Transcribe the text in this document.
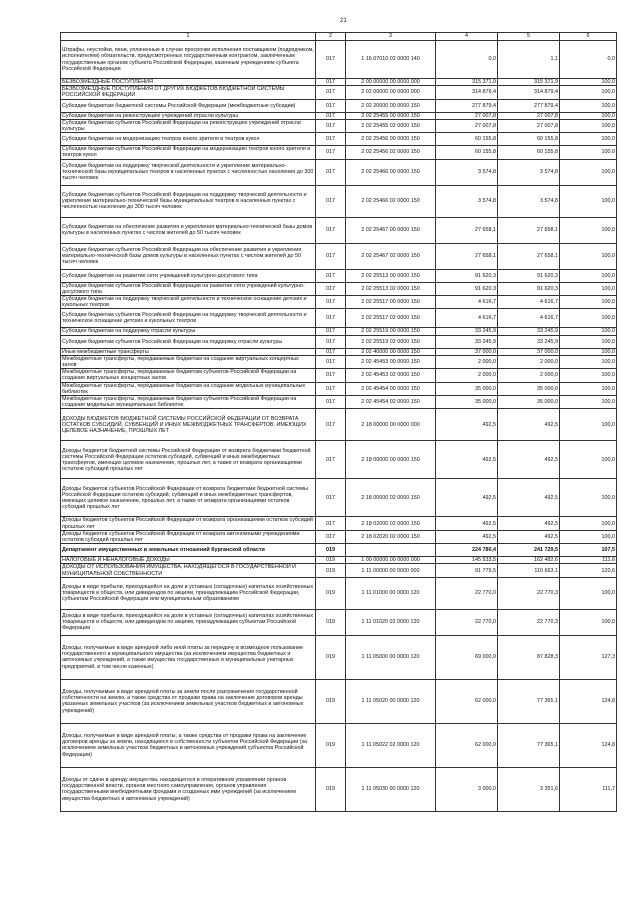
21
1	2	3	4	5	6
Штрафы, неустойки, пени, уплаченные в случае просрочки исполнения поставщиком (подрядчиком, исполнителем) обязательств, предусмотренных государственным контрактом, заключенным государственным органом субъекта Российской Федерации, казенным учреждением субъекта Российской Федерации	017	1 16 07010 02 0000 140	0,0	1,1	0,0
БЕЗВОЗМЕЗДНЫЕ ПОСТУПЛЕНИЯ	017	2 00 00000 00 0000 000	315 371,9	315 371,9	100,0
БЕЗВОЗМЕЗДНЫЕ ПОСТУПЛЕНИЯ ОТ ДРУГИХ БЮДЖЕТОВ БЮДЖЕТНОЙ СИСТЕМЫ РОССИЙСКОЙ ФЕДЕРАЦИИ	017	2 02 00000 00 0000 000	314 879,4	314 879,4	100,0
Субсидии бюджетам бюджетной системы Российской Федерации (межбюджетные субсидии)	017	2 02 20000 00 0000 150	277 879,4	277 879,4	100,0
Субсидии бюджетам на реконструкцию учреждений отрасли культуры	017	2 02 25455 00 0000 150	27 007,8	27 007,8	100,0
Субсидии бюджетам субъектов Российской Федерации на реконструкцию учреждений отрасли культуры	017	2 02 25455 02 0000 150	27 007,8	27 007,8	100,0
Субсидии бюджетам на модернизацию театров юного зрителя и театров кукол	017	2 02 25456 00 0000 150	60 155,8	60 155,8	100,0
Субсидии бюджетам субъектов Российской Федерации на модернизацию театров юного зрителя и театров кукол	017	2 02 25456 02 0000 150	60 155,8	60 155,8	100,0
Субсидии бюджетам на поддержку творческой деятельности и укрепление материально-технической базы муниципальных театров в населенных пунктах с численностью населения до 300 тысяч человек	017	2 02 25466 00 0000 150	3 574,8	3 574,8	100,0
Субсидии бюджетам субъектов Российской Федерации на поддержку творческой деятельности и укрепление материально-технической базы муниципальных театров в населенных пунктах с численностью населения до 300 тысяч человек	017	2 02 25466 02 0000 150	3 574,8	3 574,8	100,0
Субсидии бюджетам на обеспечение развития и укрепления материально-технической базы домов культуры в населенных пунктах с числом жителей до 50 тысяч человек	017	2 02 25467 00 0000 150	27 658,1	27 658,1	100,0
Субсидии бюджетам субъектов Российской Федерации на обеспечение развития и укрепления материально-технической базы домов культуры в населенных пунктах с числом жителей до 50 тысяч человек	017	2 02 25467 02 0000 150	27 658,1	27 658,1	100,0
Субсидии бюджетам на развитие сети учреждений культурно-досугового типа	017	2 02 25513 00 0000 150	91 620,3	91 620,3	100,0
Субсидии бюджетам субъектов Российской Федерации на развитие сети учреждений культурно-досугового типа	017	2 02 25513 02 0000 150	91 620,3	91 620,3	100,0
Субсидии бюджетам на поддержку творческой деятельности и техническое оснащение детских и кукольных театров	017	2 02 25517 00 0000 150	4 616,7	4 616,7	100,0
Субсидии бюджетам субъектов Российской Федерации на поддержку творческой деятельности и техническое оснащение детских и кукольных театров	017	2 02 25517 02 0000 150	4 616,7	4 616,7	100,0
Субсидии бюджетам на поддержку отрасли культуры	017	2 02 25519 00 0000 150	33 245,9	33 245,9	100,0
Субсидии бюджетам субъектов Российской Федерации на поддержку отрасли культуры	017	2 02 25519 02 0000 150	33 245,9	33 245,9	100,0
Иные межбюджетные трансферты	017	2 02 40000 00 0000 150	37 000,0	37 000,0	100,0
Межбюджетные трансферты, передаваемые бюджетам на создание виртуальных концертных залов	017	2 02 45453 00 0000 150	2 000,0	2 000,0	100,0
Межбюджетные трансферты, передаваемые бюджетам субъектов Российской Федерации на создание виртуальных концертных залов	017	2 02 45453 02 0000 150	2 000,0	2 000,0	100,0
Межбюджетные трансферты, передаваемые бюджетам на создание модельных муниципальных библиотек	017	2 02 45454 00 0000 150	35 000,0	35 000,0	100,0
Межбюджетные трансферты, передаваемые бюджетам субъектов Российской Федерации на создание модельных муниципальных библиотек	017	2 02 45454 02 0000 150	35 000,0	35 000,0	100,0
ДОХОДЫ БЮДЖЕТОВ БЮДЖЕТНОЙ СИСТЕМЫ РОССИЙСКОЙ ФЕДЕРАЦИИ ОТ ВОЗВРАТА ОСТАТКОВ СУБСИДИЙ, СУБВЕНЦИЙ И ИНЫХ МЕЖБЮДЖЕТНЫХ ТРАНСФЕРТОВ, ИМЕЮЩИХ ЦЕЛЕВОЕ НАЗНАЧЕНИЕ, ПРОШЛЫХ ЛЕТ	017	2 18 00000 00 0000 000	492,5	492,5	100,0
Доходы бюджетов бюджетной системы Российской Федерации от возврата бюджетами бюджетной системы Российской Федерации остатков субсидий, субвенций и иных межбюджетных трансфертов, имеющих целевое назначение, прошлых лет, а также от возврата организациями остатков субсидий прошлых лет	017	2 18 00000 00 0000 150	492,5	492,5	100,0
Доходы бюджетов субъектов Российской Федерации от возврата бюджетами бюджетной системы Российской Федерации остатков субсидий, субвенций и иных межбюджетных трансфертов, имеющих целевое назначение, прошлых лет, а также от возврата организациями остатков субсидий прошлых лет	017	2 18 00000 02 0000 150	492,5	492,5	100,0
Доходы бюджетов субъектов Российской Федерации от возврата организациями остатков субсидий прошлых лет	017	2 18 02000 02 0000 150	492,5	492,5	100,0
Доходы бюджетов субъектов Российской Федерации от возврата автономными учреждениями остатков субсидий прошлых лет	017	2 18 02020 02 0000 150	492,5	492,5	100,0
Департамент имущественных и земельных отношений Курганской области	019		224 780,4	241 729,5	107,5
НАЛОГОВЫЕ И НЕНАЛОГОВЫЕ ДОХОДЫ	019	1 00 00000 00 0000 000	145 533,5	162 482,6	111,6
ДОХОДЫ ОТ ИСПОЛЬЗОВАНИЯ ИМУЩЕСТВА, НАХОДЯЩЕГОСЯ В ГОСУДАРСТВЕННОЙ И МУНИЦИПАЛЬНОЙ СОБСТВЕННОСТИ	019	1 11 00000 00 0000 000	91 779,5	110 663,1	120,6
Доходы в виде прибыли, приходящейся на доли в уставных (складочных) капиталах хозяйственных товариществ и обществ, или дивидендов по акциям, принадлежащим Российской Федерации, субъектам Российской Федерации или муниципальным образованиям	019	1 11 01000 00 0000 120	22 770,0	22 770,3	100,0
Доходы в виде прибыли, приходящейся на доли в уставных (складочных) капиталах хозяйственных товариществ и обществ, или дивидендов по акциям, принадлежащим субъектам Российской Федерации	019	1 11 01020 02 0000 120	22 770,0	22 770,3	100,0
Доходы, получаемые в виде арендной либо иной платы за передачу в возмездное пользование государственного и муниципального имущества (за исключением имущества бюджетных и автономных учреждений, а также имущества государственных и муниципальных унитарных предприятий, в том числе казенных)	019	1 11 05000 00 0000 120	69 000,0	87 828,3	127,3
Доходы, получаемые в виде арендной платы за земли после разграничения государственной собственности на землю, а также средства от продажи права на заключение договоров аренды указанных земельных участков (за исключением земельных участков бюджетных и автономных учреждений)	019	1 11 05020 00 0000 120	62 000,0	77 365,1	124,8
Доходы, получаемые в виде арендной платы, а также средства от продажи права на заключение договоров аренды за земли, находящиеся в собственности субъектов Российской Федерации (за исключением земельных участков бюджетных и автономных учреждений субъектов Российской Федерации)	019	1 11 05022 02 0000 120	62 000,0	77 365,1	124,8
Доходы от сдачи в аренду имущества, находящегося в оперативном управлении органов государственной власти, органов местного самоуправления, органов управления государственными внебюджетными фондами и созданных ими учреждений (за исключением имущества бюджетных и автономных учреждений)	019	1 11 05030 00 0000 120	3 000,0	3 351,6	111,7
